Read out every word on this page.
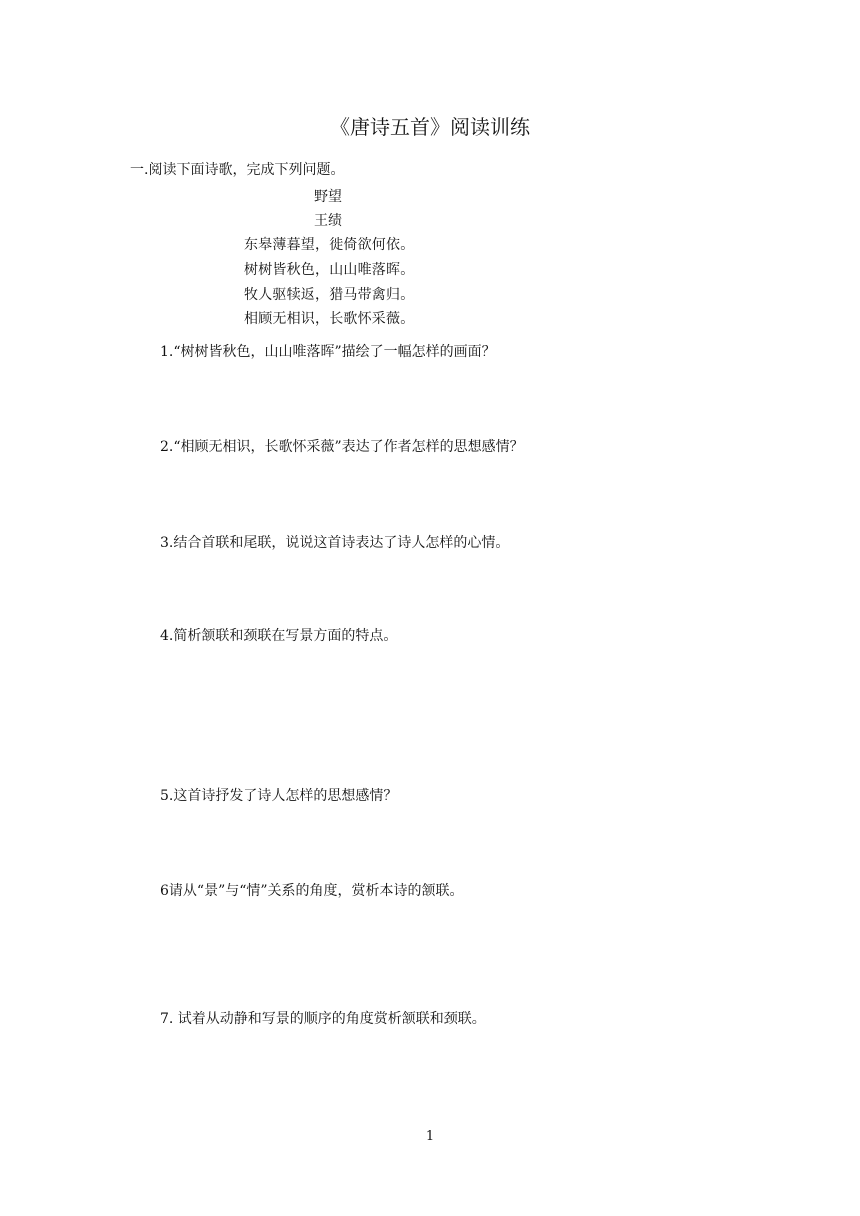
《唐诗五首》阅读训练
一.阅读下面诗歌，完成下列问题。
野望
王绩
东皋薄暮望，徙倚欲何依。
树树皆秋色，山山唯落晖。
牧人驱犊返，猎马带禽归。
相顾无相识，长歌怀采薇。
1.“树树皆秋色，山山唯落晖”描绘了一幅怎样的画面？
2.“相顾无相识，长歌怀采薇”表达了作者怎样的思想感情？
3.结合首联和尾联，说说这首诗表达了诗人怎样的心情。
4.简析颔联和颈联在写景方面的特点。
5.这首诗抒发了诗人怎样的思想感情？
6请从“景”与“情”关系的角度，赏析本诗的颔联。
7. 试着从动静和写景的顺序的角度赏析颔联和颈联。
1
